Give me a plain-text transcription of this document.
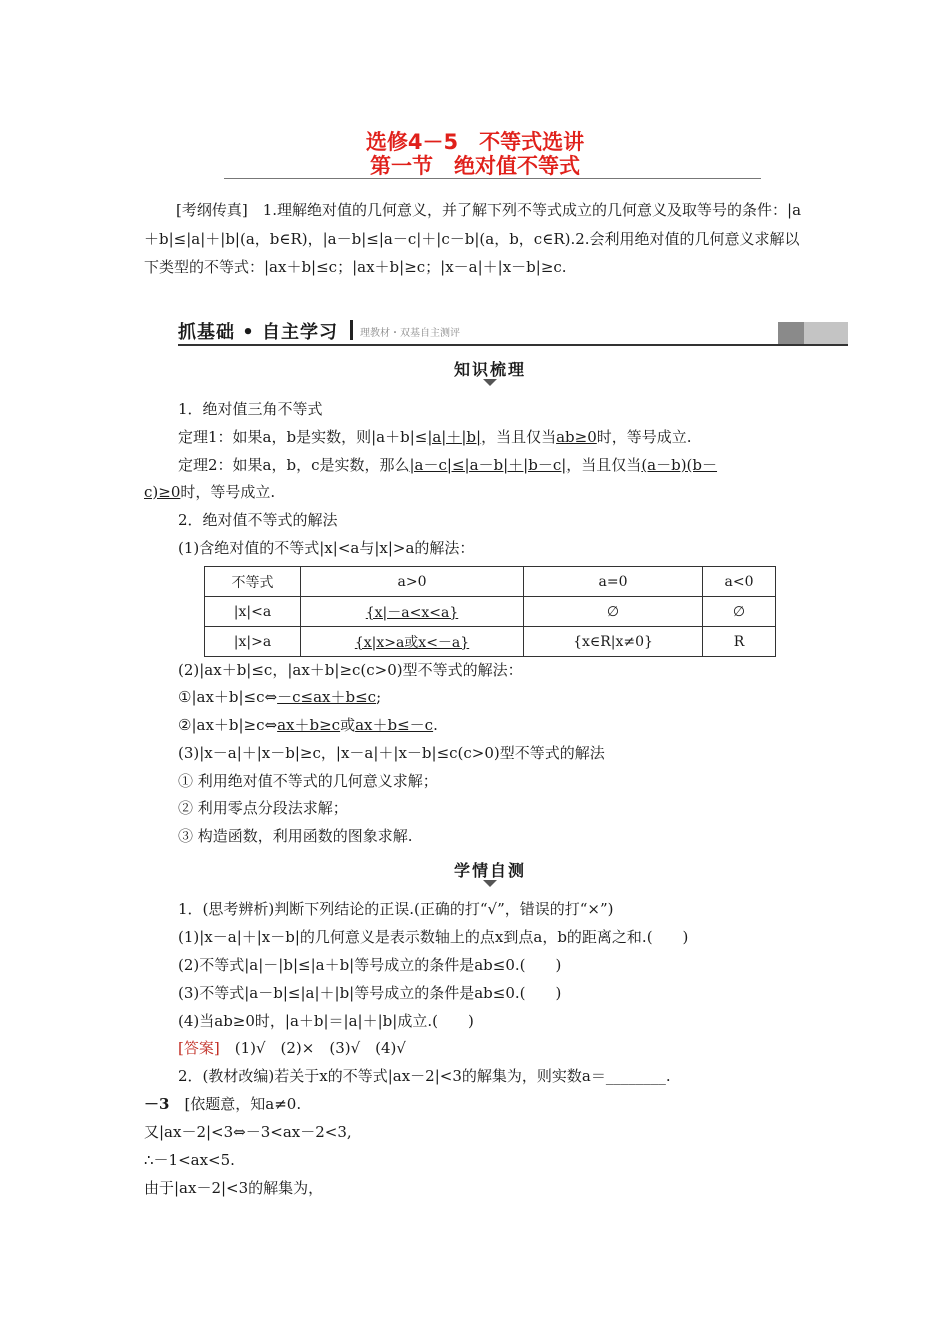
选修4－5　不等式选讲
第一节　绝对值不等式

[考纲传真]　1.理解绝对值的几何意义，并了解下列不等式成立的几何意义及取等号的条件：|a＋b|≤|a|＋|b|(a，b∈R)，|a－b|≤|a－c|＋|c－b|(a，b，c∈R).2.会利用绝对值的几何意义求解以下类型的不等式：|ax＋b|≤c；|ax＋b|≥c；|x－a|＋|x－b|≥c.

抓基础 • 自主学习 理教材・双基自主测评
知识梳理
1．绝对值三角不等式
定理1：如果a，b是实数，则|a＋b|≤|a|＋|b|，当且仅当ab≥0时，等号成立.
定理2：如果a，b，c是实数，那么|a－c|≤|a－b|＋|b－c|，当且仅当(a－b)(b－
c)≥0时，等号成立.
2．绝对值不等式的解法
(1)含绝对值的不等式|x|<a与|x|>a的解法：
不等式	a>0	a=0	a<0
|x|<a	{x|－a<x<a}	∅	∅
|x|>a	{x|x>a或x<－a}	{x∈R|x≠0}	R
(2)|ax＋b|≤c，|ax＋b|≥c(c>0)型不等式的解法：
①|ax＋b|≤c⇔－c≤ax＋b≤c;
②|ax＋b|≥c⇔ax＋b≥c或ax＋b≤－c.
(3)|x－a|＋|x－b|≥c，|x－a|＋|x－b|≤c(c>0)型不等式的解法
① 利用绝对值不等式的几何意义求解；
② 利用零点分段法求解；
③ 构造函数，利用函数的图象求解.
学情自测
1．(思考辨析)判断下列结论的正误.(正确的打“√”，错误的打“×”)
(1)|x－a|＋|x－b|的几何意义是表示数轴上的点x到点a，b的距离之和.(　　)
(2)不等式|a|－|b|≤|a＋b|等号成立的条件是ab≤0.(　　)
(3)不等式|a－b|≤|a|＋|b|等号成立的条件是ab≤0.(　　)
(4)当ab≥0时，|a＋b|＝|a|＋|b|成立.(　　)
[答案]　(1)√　(2)×　(3)√　(4)√
2．(教材改编)若关于x的不等式|ax－2|<3的解集为，则实数a＝________.
－3　[依题意，知a≠0.
又|ax－2|<3⇔－3<ax－2<3,
∴－1<ax<5.
由于|ax－2|<3的解集为，
